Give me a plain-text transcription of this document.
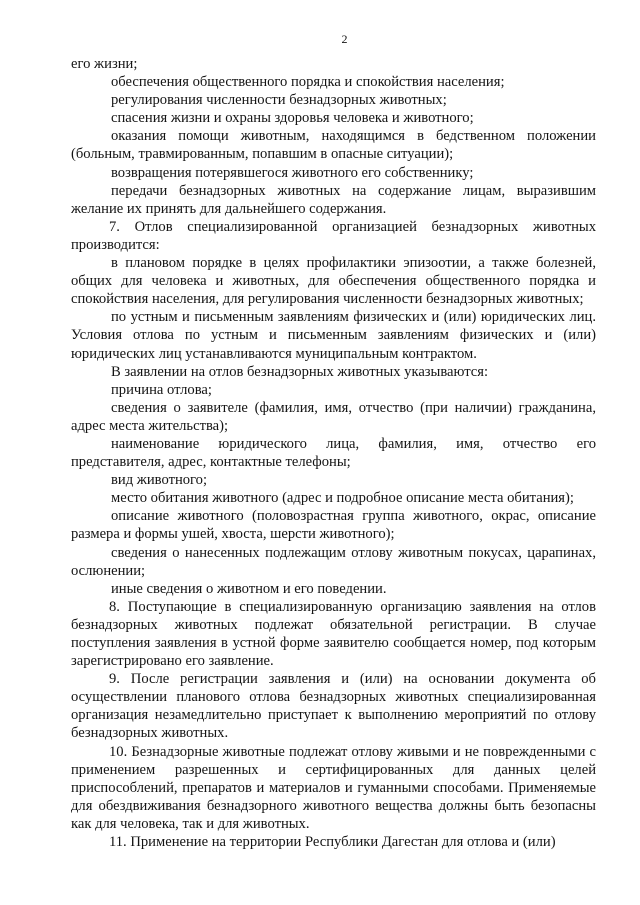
2

его жизни;

обеспечения общественного порядка и спокойствия населения;

регулирования численности безнадзорных животных;

спасения жизни и охраны здоровья человека и животного;

оказания помощи животным, находящимся в бедственном положении (больным, травмированным, попавшим в опасные ситуации);

возвращения потерявшегося животного его собственнику;

передачи безнадзорных животных на содержание лицам, выразившим желание их принять для дальнейшего содержания.

7. Отлов специализированной организацией безнадзорных животных производится:

в плановом порядке в целях профилактики эпизоотии, а также болезней, общих для человека и животных, для обеспечения общественного порядка и спокойствия населения, для регулирования численности безнадзорных животных;

по устным и письменным заявлениям физических и (или) юридических лиц. Условия отлова по устным и письменным заявлениям физических и (или) юридических лиц устанавливаются муниципальным контрактом.

В заявлении на отлов безнадзорных животных указываются:

причина отлова;

сведения о заявителе (фамилия, имя, отчество (при наличии) гражданина, адрес места жительства);

наименование юридического лица, фамилия, имя, отчество его представителя, адрес, контактные телефоны;

вид животного;

место обитания животного (адрес и подробное описание места обитания);

описание животного (половозрастная группа животного, окрас, описание размера и формы ушей, хвоста, шерсти животного);

сведения о нанесенных подлежащим отлову животным покусах, царапинах, ослюнении;

иные сведения о животном и его поведении.

8. Поступающие в специализированную организацию заявления на отлов безнадзорных животных подлежат обязательной регистрации. В случае поступления заявления в устной форме заявителю сообщается номер, под которым зарегистрировано его заявление.

9. После регистрации заявления и (или) на основании документа об осуществлении планового отлова безнадзорных животных специализированная организация незамедлительно приступает к выполнению мероприятий по отлову безнадзорных животных.

10. Безнадзорные животные подлежат отлову живыми и не поврежденными с применением разрешенных и сертифицированных для данных целей приспособлений, препаратов и материалов и гуманными способами. Применяемые для обездвиживания безнадзорного животного вещества должны быть безопасны как для человека, так и для животных.

11. Применение на территории Республики Дагестан для отлова и (или)
